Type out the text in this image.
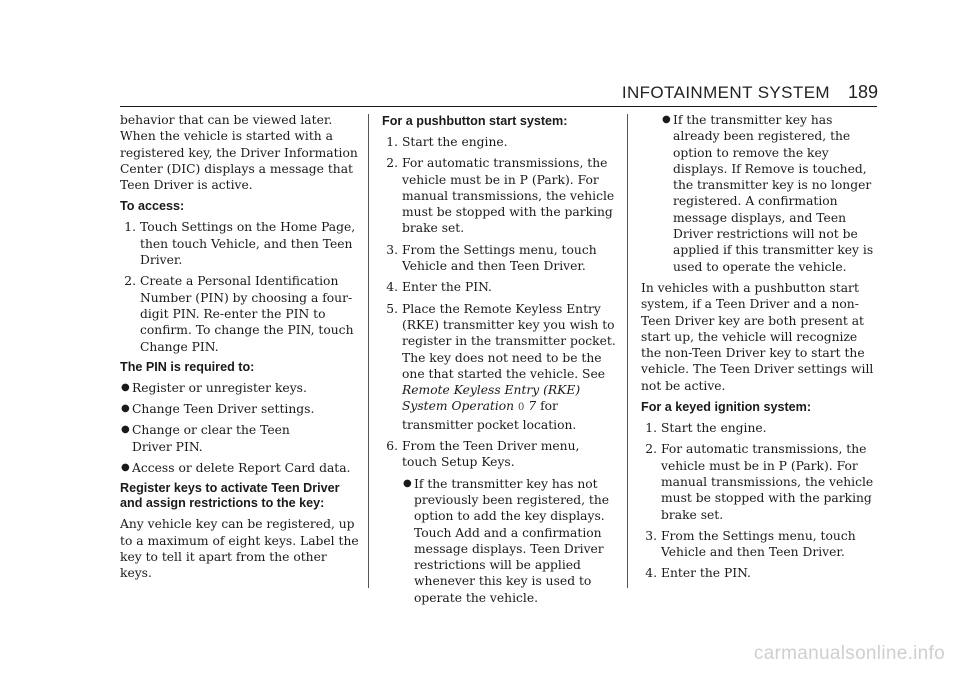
INFOTAINMENT SYSTEM 189

behavior that can be viewed later. When the vehicle is started with a registered key, the Driver Information Center (DIC) displays a message that Teen Driver is active.

To access:
1. Touch Settings on the Home Page, then touch Vehicle, and then Teen Driver.
2. Create a Personal Identification Number (PIN) by choosing a four-digit PIN. Re-enter the PIN to confirm. To change the PIN, touch Change PIN.
The PIN is required to:
● Register or unregister keys.
● Change Teen Driver settings.
● Change or clear the Teen Driver PIN.
● Access or delete Report Card data.
Register keys to activate Teen Driver and assign restrictions to the key:

Any vehicle key can be registered, up to a maximum of eight keys. Label the key to tell it apart from the other keys.

For a pushbutton start system:
1. Start the engine.
2. For automatic transmissions, the vehicle must be in P (Park). For manual transmissions, the vehicle must be stopped with the parking brake set.
3. From the Settings menu, touch Vehicle and then Teen Driver.
4. Enter the PIN.
5. Place the Remote Keyless Entry (RKE) transmitter key you wish to register in the transmitter pocket. The key does not need to be the one that started the vehicle. See Remote Keyless Entry (RKE) System Operation 0 7 for transmitter pocket location.
6. From the Teen Driver menu, touch Setup Keys.
● If the transmitter key has not previously been registered, the option to add the key displays. Touch Add and a confirmation message displays. Teen Driver restrictions will be applied whenever this key is used to operate the vehicle.
● If the transmitter key has already been registered, the option to remove the key displays. If Remove is touched, the transmitter key is no longer registered. A confirmation message displays, and Teen Driver restrictions will not be applied if this transmitter key is used to operate the vehicle.

In vehicles with a pushbutton start system, if a Teen Driver and a non-Teen Driver key are both present at start up, the vehicle will recognize the non-Teen Driver key to start the vehicle. The Teen Driver settings will not be active.

For a keyed ignition system:
1. Start the engine.
2. For automatic transmissions, the vehicle must be in P (Park). For manual transmissions, the vehicle must be stopped with the parking brake set.
3. From the Settings menu, touch Vehicle and then Teen Driver.
4. Enter the PIN.
carmanualsonline.info
